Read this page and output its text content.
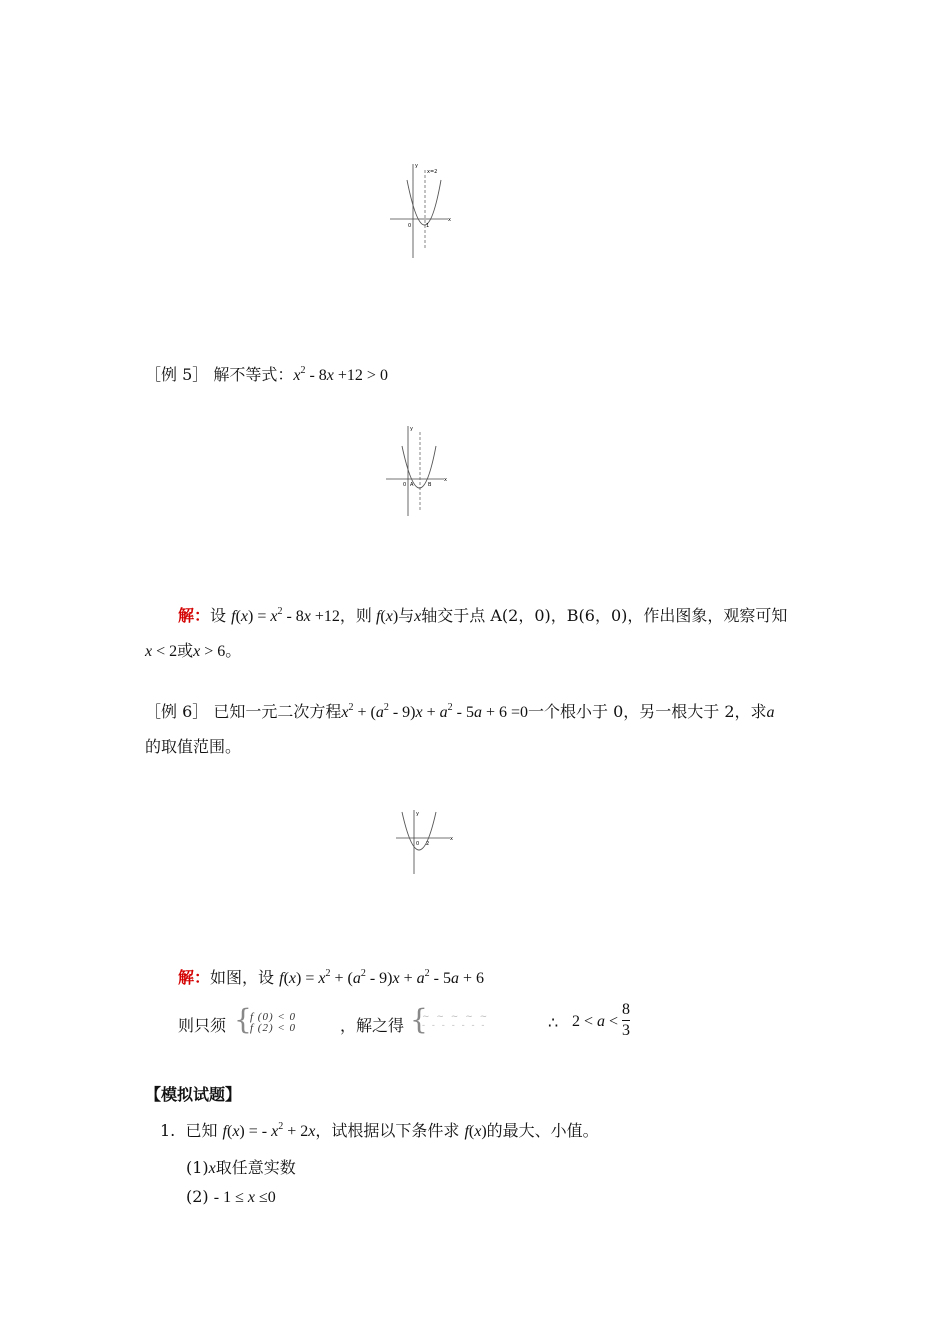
y
x
0	1
x=2
［例 5］ 解不等式：$x^2 - 8x +12 > 0$
y
x
0 A	B
解：设 $f(x) = x^2 - 8x +12$，则 f(x)与x轴交于点 A(2，0)，B(6，0)，作出图象，观察可知
x < 2或x > 6。
［例 6］ 已知一元二次方程$x^2 + (a^2 - 9)x + a^2 - 5a + 6 =0$一个根小于 0，另一根大于 2，求a
的取值范围。
y
x
0 2
解：如图，设 $f(x) = x^2 + (a^2 - 9)x + a^2 - 5a + 6$
则只须 {
f (0) < 0
f (2) < 0	，解之得 {
~ ~ ~ ~ ~
- - - - - - -	∴ 2 < a <
8
3
【模拟试题】
1. 已知 f(x) = - $x^2 + 2x$，试根据以下条件求 f(x)的最大、小值。
(1)x取任意实数
(2) - 1 ≤ x ≤0
